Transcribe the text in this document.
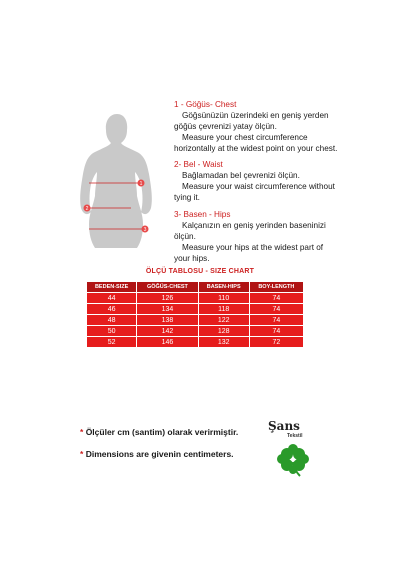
1
2
3
1 - Göğüs- Chest
Göğsünüzün üzerindeki en geniş yerden
göğüs çevrenizi yatay ölçün.
Measure your chest circumference
horizontally at the widest point on your chest.
2- Bel - Waist
Bağlamadan bel çevrenizi ölçün.
Measure your waist circumference without
tying it.
3- Basen - Hips
Kalçanızın en geniş yerinden baseninizi
ölçün.
Measure your hips at the widest part of
your hips.
ÖLÇÜ TABLOSU - SIZE CHART
BEDEN-SIZE	GÖĞÜS-CHEST	BASEN-HIPS	BOY-LENGTH
44	126	110	74
46	134	118	74
48	138	122	74
50	142	128	74
52	146	132	72
* Ölçüler cm (santim) olarak verirmiştir.
* Dimensions are givenin centimeters.
Şans
Tekstil
